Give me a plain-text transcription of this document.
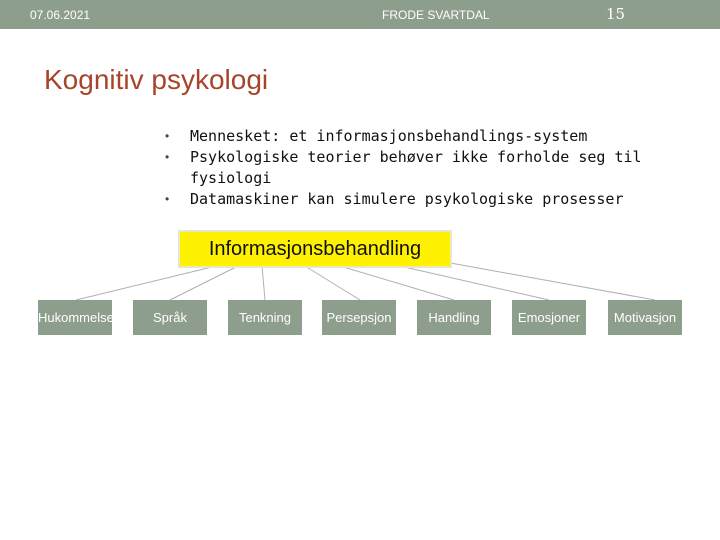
07.06.2021	FRODE SVARTDAL	15
Kognitiv psykologi
• Mennesket: et informasjonsbehandlings-system
• Psykologiske teorier behøver ikke forholde seg til fysiologi
• Datamaskiner kan simulere psykologiske prosesser
Informasjonsbehandling
Hukommelse	Språk	Tenkning	Persepsjon	Handling	Emosjoner	Motivasjon
